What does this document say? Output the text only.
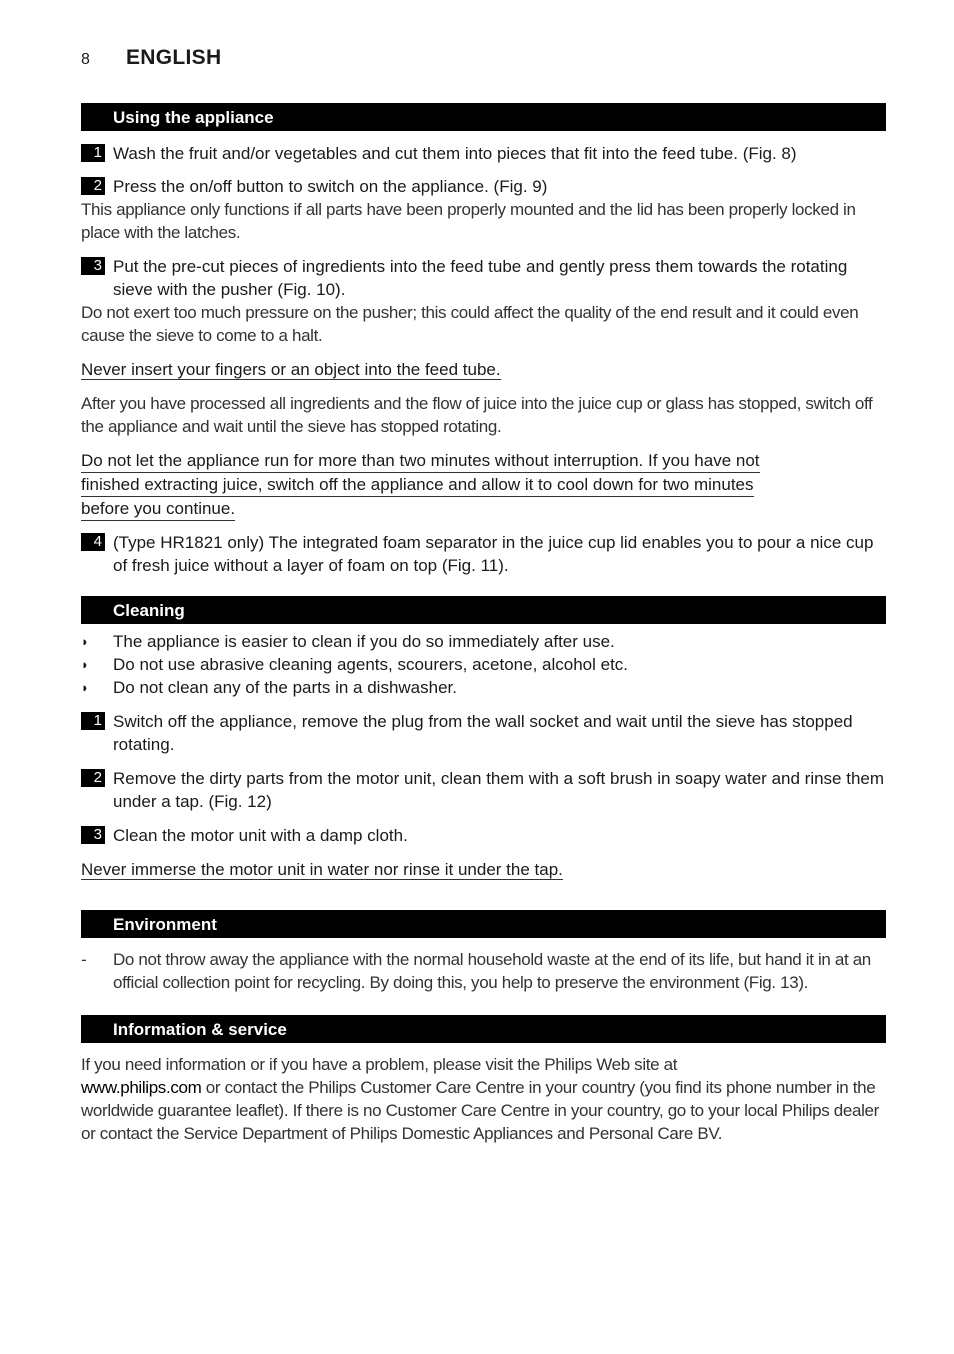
8	ENGLISH
Using the appliance
1 Wash the fruit and/or vegetables and cut them into pieces that fit into the feed tube. (Fig. 8)
2 Press the on/off button to switch on the appliance. (Fig. 9)
This appliance only functions if all parts have been properly mounted and the lid has been properly locked in place with the latches.
3 Put the pre-cut pieces of ingredients into the feed tube and gently press them towards the rotating sieve with the pusher (Fig. 10).
Do not exert too much pressure on the pusher; this could affect the quality of the end result and it could even cause the sieve to come to a halt.
Never insert your fingers or an object into the feed tube.
After you have processed all ingredients and the flow of juice into the juice cup or glass has stopped, switch off the appliance and wait until the sieve has stopped rotating.
Do not let the appliance run for more than two minutes without interruption. If you have not
finished extracting juice, switch off the appliance and allow it to cool down for two minutes
before you continue.
4 (Type HR1821 only) The integrated foam separator in the juice cup lid enables you to pour a nice cup of fresh juice without a layer of foam on top (Fig. 11).
Cleaning
◗	The appliance is easier to clean if you do so immediately after use.
◗	Do not use abrasive cleaning agents, scourers, acetone, alcohol etc.
◗	Do not clean any of the parts in a dishwasher.
1 Switch off the appliance, remove the plug from the wall socket and wait until the sieve has stopped rotating.
2 Remove the dirty parts from the motor unit, clean them with a soft brush in soapy water and rinse them under a tap. (Fig. 12)
3 Clean the motor unit with a damp cloth.
Never immerse the motor unit in water nor rinse it under the tap.
Environment
-	Do not throw away the appliance with the normal household waste at the end of its life, but hand it in at an official collection point for recycling. By doing this, you help to preserve the environment (Fig. 13).
Information & service
If you need information or if you have a problem, please visit the Philips Web site at
www.philips.com or contact the Philips Customer Care Centre in your country (you find its phone number in the worldwide guarantee leaflet). If there is no Customer Care Centre in your country, go to your local Philips dealer or contact the Service Department of Philips Domestic Appliances and Personal Care BV.
